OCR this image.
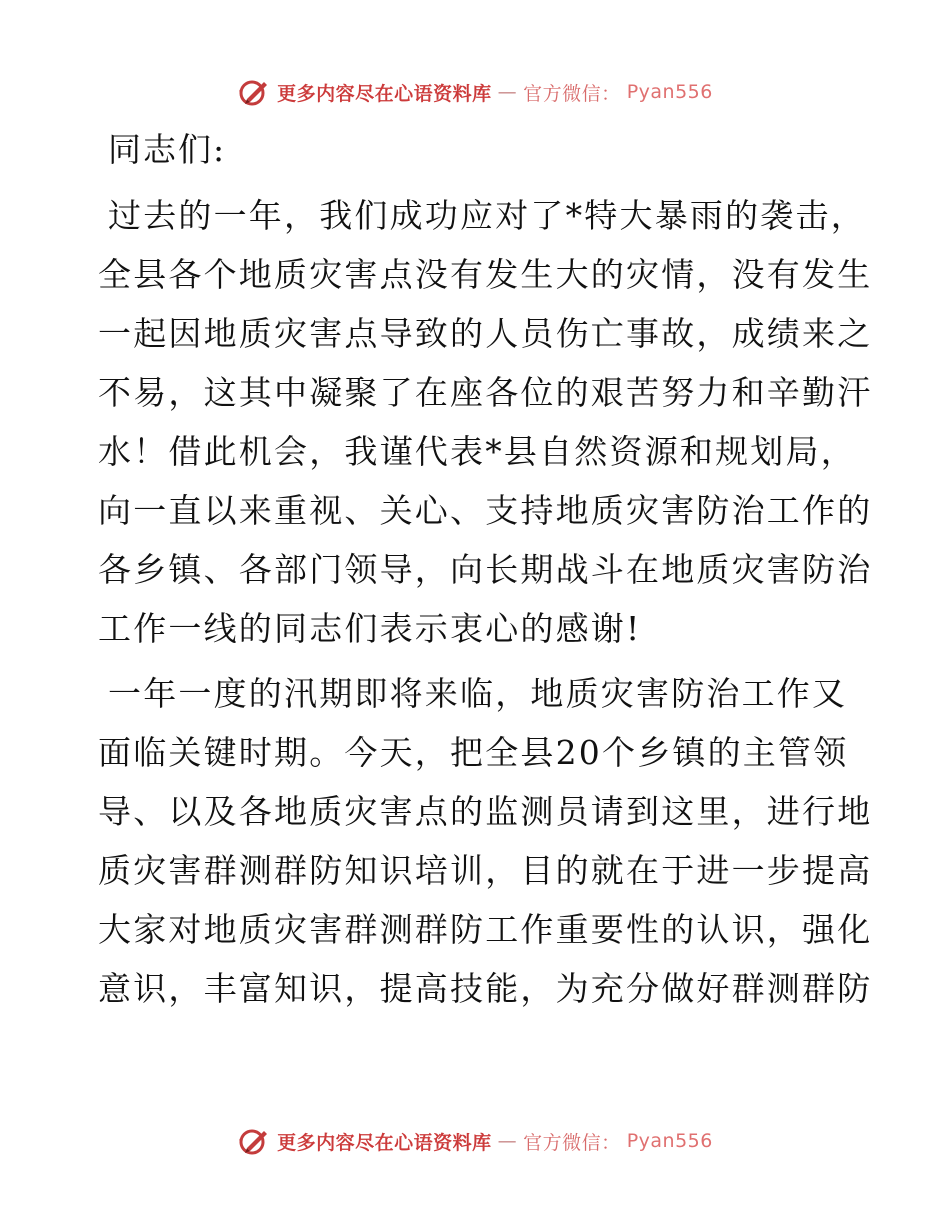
更多内容尽在心语资料库 — 官方微信： Pyan556
同志们:
过去的一年，我们成功应对了*特大暴雨的袭击，
全县各个地质灾害点没有发生大的灾情，没有发生
一起因地质灾害点导致的人员伤亡事故，成绩来之
不易，这其中凝聚了在座各位的艰苦努力和辛勤汗
水！借此机会，我谨代表*县自然资源和规划局，
向一直以来重视、关心、支持地质灾害防治工作的
各乡镇、各部门领导，向长期战斗在地质灾害防治
工作一线的同志们表示衷心的感谢!
一年一度的汛期即将来临，地质灾害防治工作又
面临关键时期。今天，把全县20个乡镇的主管领
导、以及各地质灾害点的监测员请到这里，进行地
质灾害群测群防知识培训，目的就在于进一步提高
大家对地质灾害群测群防工作重要性的认识，强化
意识，丰富知识，提高技能，为充分做好群测群防
更多内容尽在心语资料库 — 官方微信： Pyan556
